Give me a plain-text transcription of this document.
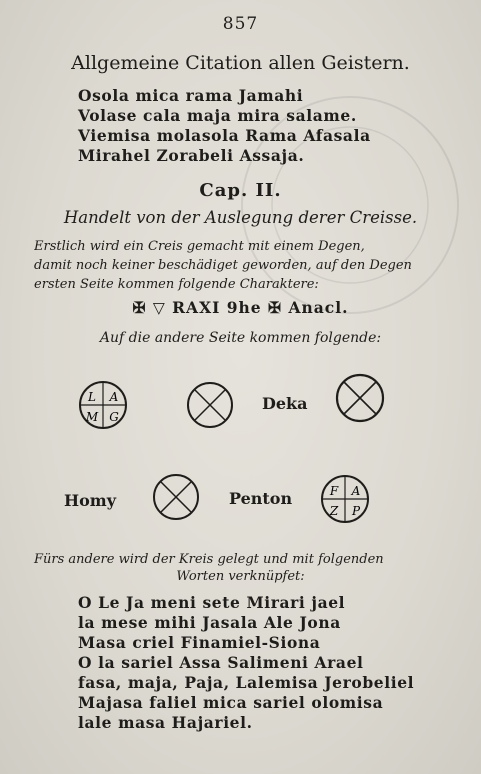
857
Allgemeine Citation allen Geistern.
Osola mica rama Jamahi
Volase cala maja mira salame.
Viemisa molasola Rama Afasala
Mirahel Zorabeli Assaja.
Cap. II.
Handelt von der Auslegung derer Creisse.
Erstlich wird ein Creis gemacht mit einem Degen,
damit noch keiner beschädiget geworden, auf den Degen
ersten Seite kommen folgende Charaktere:
✠ ▽ RAXI 9he ✠ Anacl.
Auf die andere Seite kommen folgende:
L A
M G
Deka
Homy	Penton	F A
Z P
Fürs andere wird der Kreis gelegt und mit folgenden
Worten verknüpfet:
O Le Ja meni sete Mirari jael
la mese mihi Jasala Ale Jona
Masa criel Finamiel-Siona
O la sariel Assa Salimeni Arael
fasa, maja, Paja, Lalemisa Jerobeliel
Majasa faliel mica sariel olomisa
lale masa Hajariel.
